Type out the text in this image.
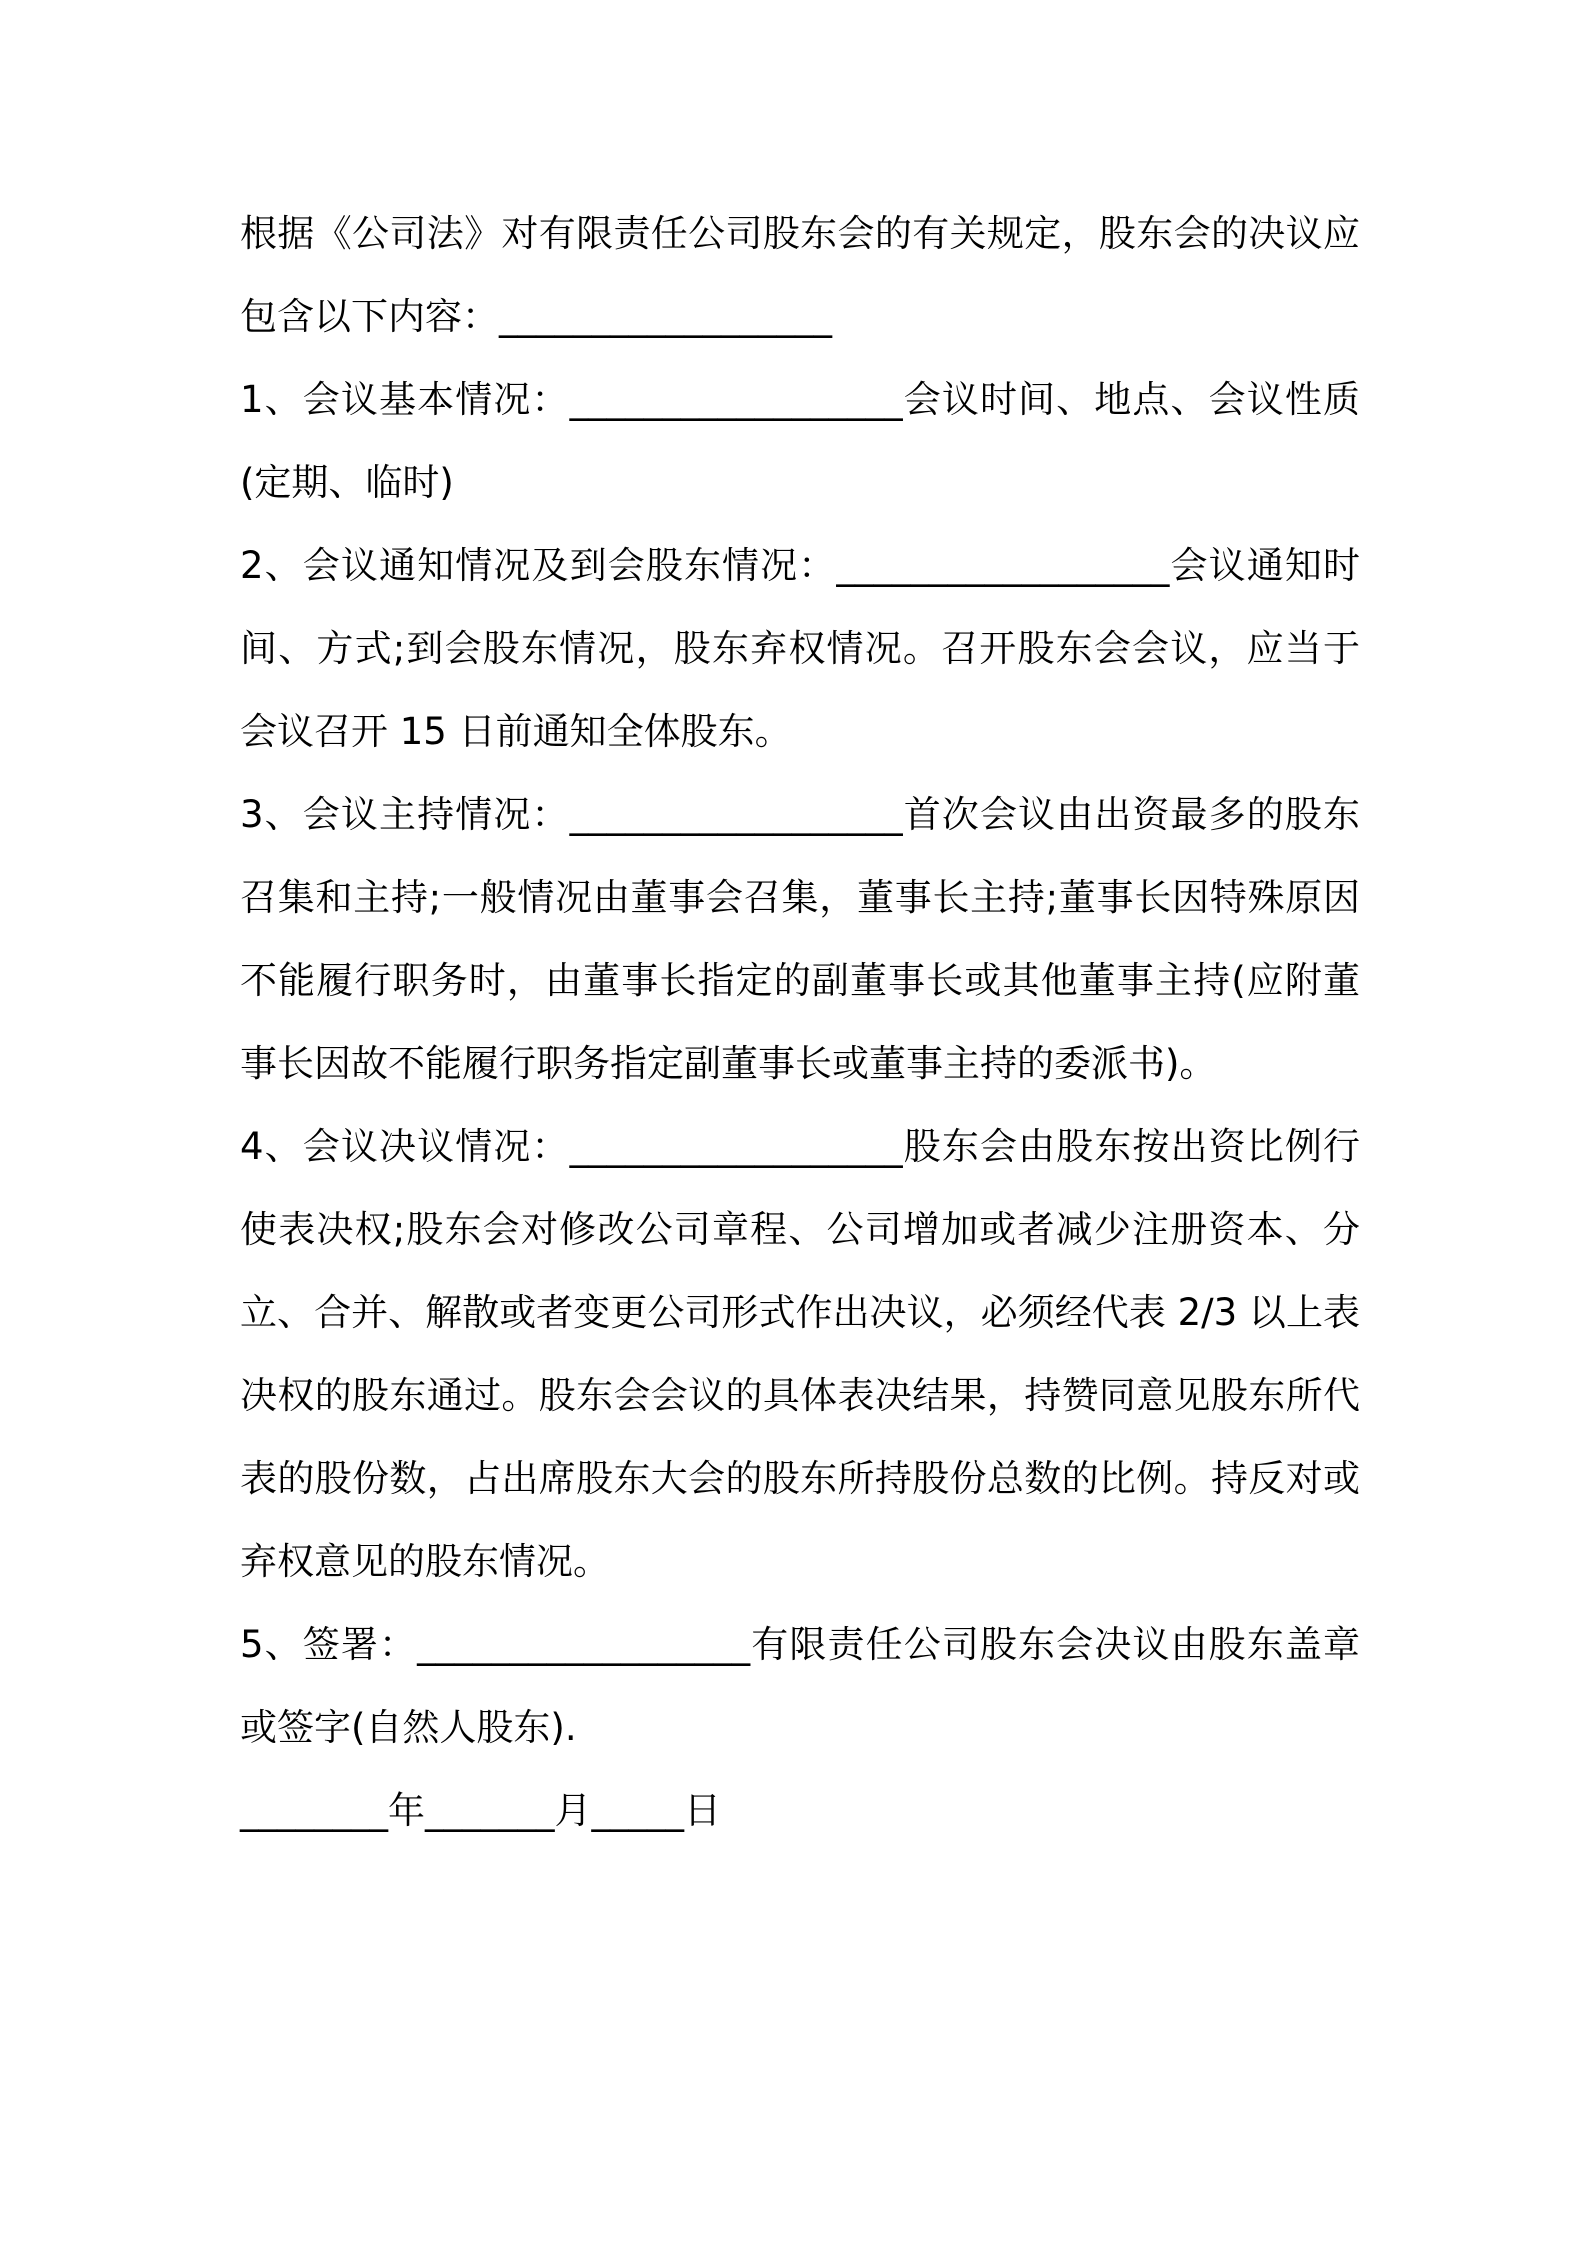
根据《公司法》对有限责任公司股东会的有关规定，股东会的决议应包含以下内容：__________________

1、会议基本情况：__________________会议时间、地点、会议性质(定期、临时)

2、会议通知情况及到会股东情况：__________________会议通知时间、方式;到会股东情况，股东弃权情况。召开股东会会议，应当于会议召开 15 日前通知全体股东。

3、会议主持情况：__________________首次会议由出资最多的股东召集和主持;一般情况由董事会召集，董事长主持;董事长因特殊原因不能履行职务时，由董事长指定的副董事长或其他董事主持(应附董事长因故不能履行职务指定副董事长或董事主持的委派书)。

4、会议决议情况：__________________股东会由股东按出资比例行使表决权;股东会对修改公司章程、公司增加或者减少注册资本、分立、合并、解散或者变更公司形式作出决议，必须经代表 2/3 以上表决权的股东通过。股东会会议的具体表决结果，持赞同意见股东所代表的股份数，占出席股东大会的股东所持股份总数的比例。持反对或弃权意见的股东情况。

5、签署：__________________有限责任公司股东会决议由股东盖章或签字(自然人股东).

________年_______月_____日
